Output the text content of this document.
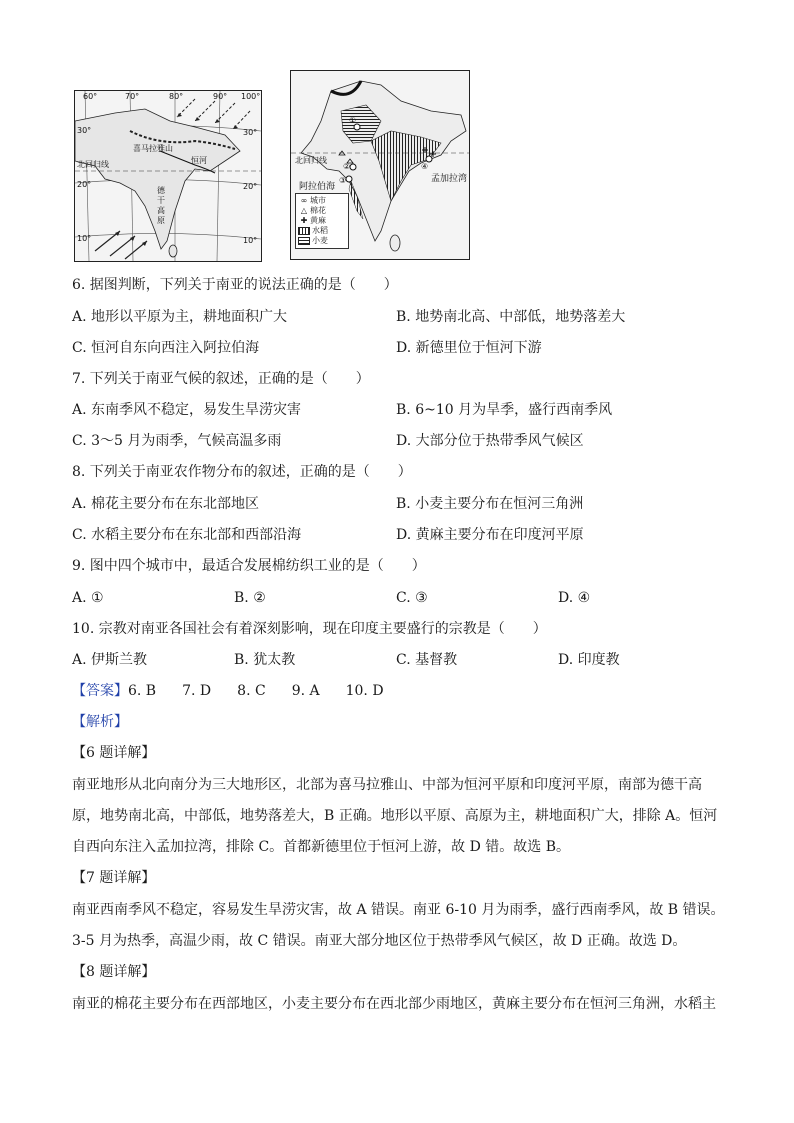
60°	70°	80°	90° 100°
30°	30°
北回归线	恒河
20°	20°
德
干
高
原
10°	10°
喜马拉雅山
北回归线
阿拉伯海
孟加拉湾
①
②
③
④
∞ 城市
△ 棉花
✚ 黄麻
水稻
小麦
6. 据图判断，下列关于南亚的说法正确的是（　　）
A. 地形以平原为主，耕地面积广大	B. 地势南北高、中部低，地势落差大
C. 恒河自东向西注入阿拉伯海	D. 新德里位于恒河下游
7. 下列关于南亚气候的叙述，正确的是（　　）
A. 东南季风不稳定，易发生旱涝灾害	B. 6~10 月为旱季，盛行西南季风
C. 3～5 月为雨季，气候高温多雨	D. 大部分位于热带季风气候区
8. 下列关于南亚农作物分布的叙述，正确的是（　　）
A. 棉花主要分布在东北部地区	B. 小麦主要分布在恒河三角洲
C. 水稻主要分布在东北部和西部沿海	D. 黄麻主要分布在印度河平原
9. 图中四个城市中，最适合发展棉纺织工业的是（　　）
A. ①	B. ②	C. ③	D. ④
10. 宗教对南亚各国社会有着深刻影响，现在印度主要盛行的宗教是（　　）
A. 伊斯兰教	B. 犹太教	C. 基督教	D. 印度教
【答案】6. B 7. D 8. C 9. A 10. D
【解析】
【6 题详解】
南亚地形从北向南分为三大地形区，北部为喜马拉雅山、中部为恒河平原和印度河平原，南部为德干高
原，地势南北高，中部低，地势落差大，B 正确。地形以平原、高原为主，耕地面积广大，排除 A。恒河
自西向东注入孟加拉湾，排除 C。首都新德里位于恒河上游，故 D 错。故选 B。
【7 题详解】
南亚西南季风不稳定，容易发生旱涝灾害，故 A 错误。南亚 6-10 月为雨季，盛行西南季风，故 B 错误。
3-5 月为热季，高温少雨，故 C 错误。南亚大部分地区位于热带季风气候区，故 D 正确。故选 D。
【8 题详解】
南亚的棉花主要分布在西部地区，小麦主要分布在西北部少雨地区，黄麻主要分布在恒河三角洲，水稻主
